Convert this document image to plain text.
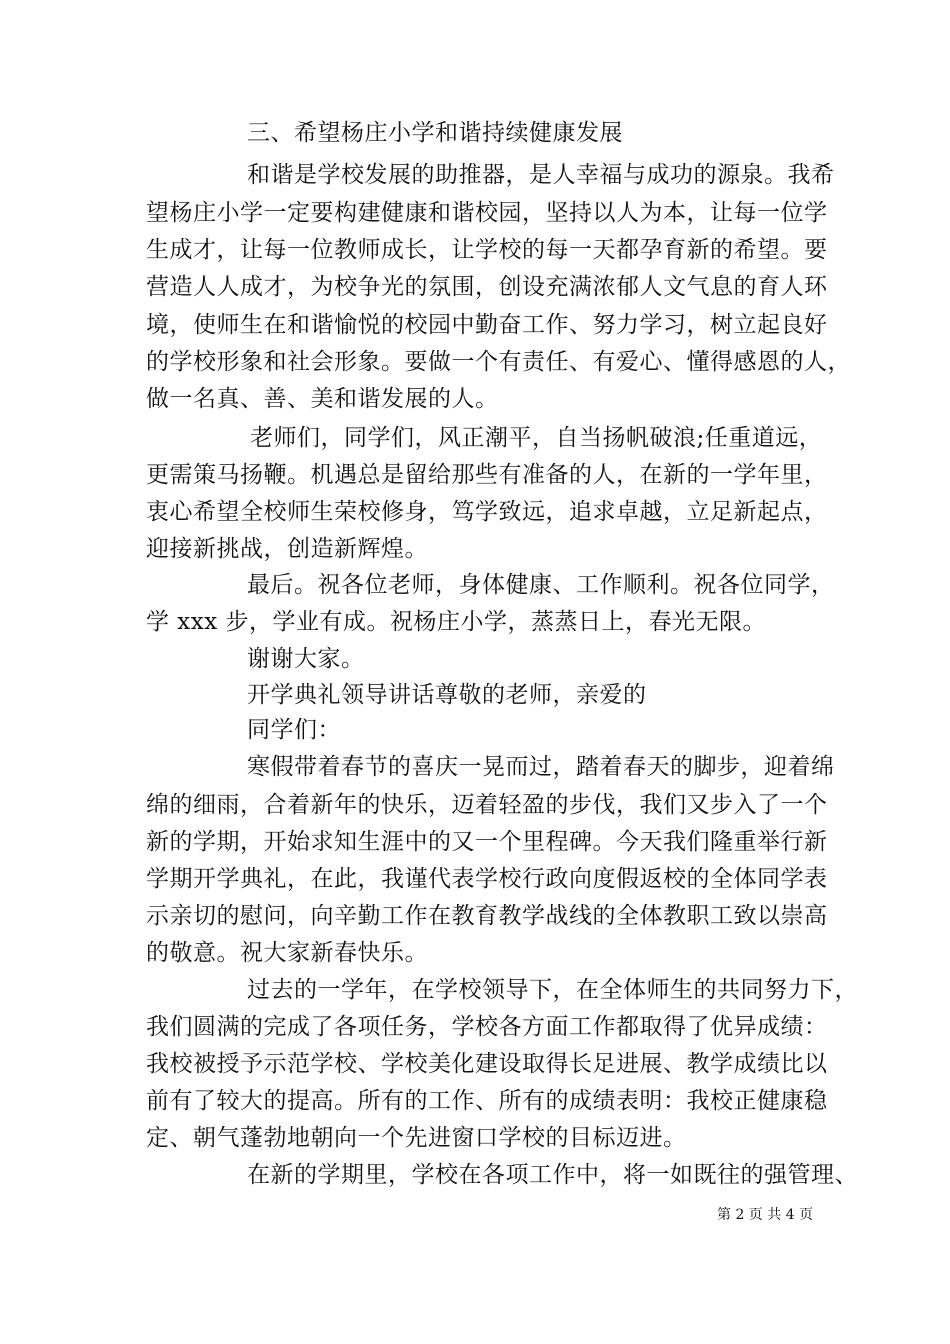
三、希望杨庄小学和谐持续健康发展
和谐是学校发展的助推器，是人幸福与成功的源泉。我希
望杨庄小学一定要构建健康和谐校园，坚持以人为本，让每一位学
生成才，让每一位教师成长，让学校的每一天都孕育新的希望。要
营造人人成才，为校争光的氛围，创设充满浓郁人文气息的育人环
境，使师生在和谐愉悦的校园中勤奋工作、努力学习，树立起良好
的学校形象和社会形象。要做一个有责任、有爱心、懂得感恩的人，
做一名真、善、美和谐发展的人。
老师们，同学们，风正潮平，自当扬帆破浪;任重道远，
更需策马扬鞭。机遇总是留给那些有准备的人，在新的一学年里，
衷心希望全校师生荣校修身，笃学致远，追求卓越，立足新起点，
迎接新挑战，创造新辉煌。
最后。祝各位老师，身体健康、工作顺利。祝各位同学，
学 xxx 步，学业有成。祝杨庄小学，蒸蒸日上，春光无限。
谢谢大家。
开学典礼领导讲话尊敬的老师，亲爱的
同学们：
寒假带着春节的喜庆一晃而过，踏着春天的脚步，迎着绵
绵的细雨，合着新年的快乐，迈着轻盈的步伐，我们又步入了一个
新的学期，开始求知生涯中的又一个里程碑。今天我们隆重举行新
学期开学典礼，在此，我谨代表学校行政向度假返校的全体同学表
示亲切的慰问，向辛勤工作在教育教学战线的全体教职工致以崇高
的敬意。祝大家新春快乐。
过去的一学年，在学校领导下，在全体师生的共同努力下，
我们圆满的完成了各项任务，学校各方面工作都取得了优异成绩：
我校被授予示范学校、学校美化建设取得长足进展、教学成绩比以
前有了较大的提高。所有的工作、所有的成绩表明：我校正健康稳
定、朝气蓬勃地朝向一个先进窗口学校的目标迈进。
在新的学期里，学校在各项工作中，将一如既往的强管理、
第 2 页 共 4 页
